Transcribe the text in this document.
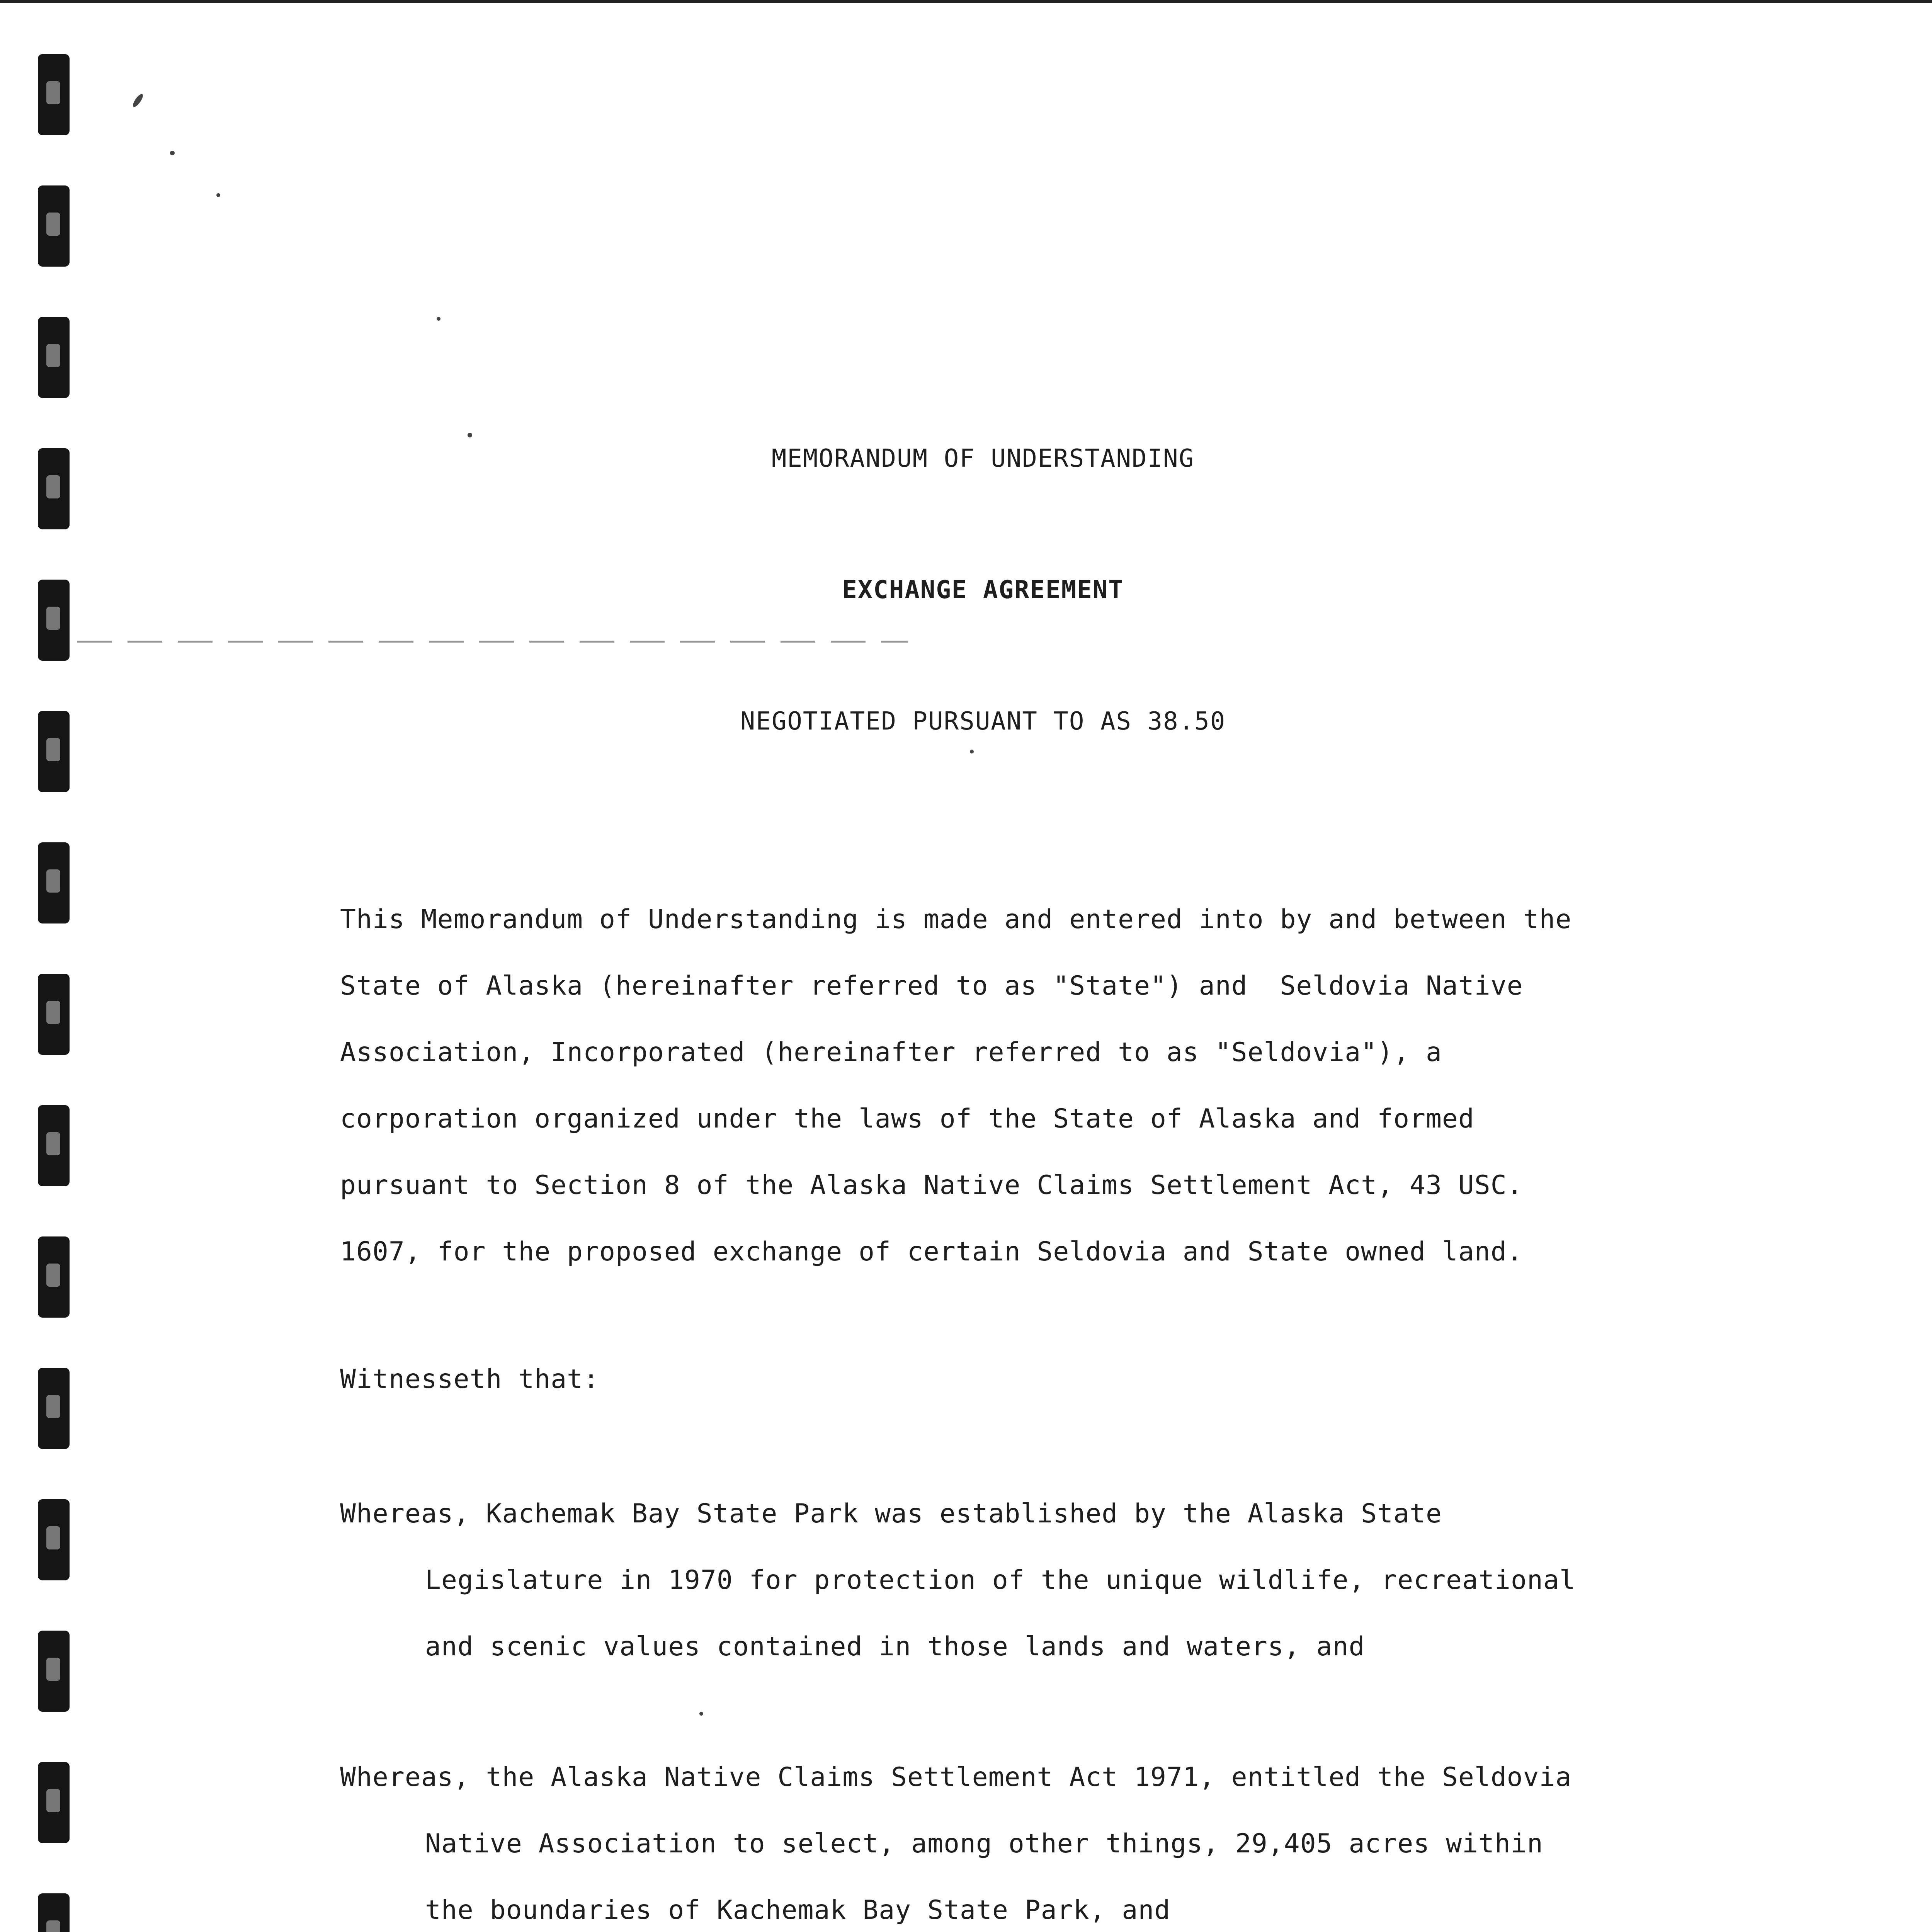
MEMORANDUM OF UNDERSTANDING
EXCHANGE AGREEMENT
NEGOTIATED PURSUANT TO AS 38.50
This Memorandum of Understanding is made and entered into by and between the
State of Alaska (hereinafter referred to as "State") and  Seldovia Native
Association, Incorporated (hereinafter referred to as "Seldovia"), a
corporation organized under the laws of the State of Alaska and formed
pursuant to Section 8 of the Alaska Native Claims Settlement Act, 43 USC.
1607, for the proposed exchange of certain Seldovia and State owned land.
Witnesseth that:
Whereas, Kachemak Bay State Park was established by the Alaska State
Legislature in 1970 for protection of the unique wildlife, recreational
and scenic values contained in those lands and waters, and
Whereas, the Alaska Native Claims Settlement Act 1971, entitled the Seldovia
Native Association to select, among other things, 29,405 acres within
the boundaries of Kachemak Bay State Park, and
